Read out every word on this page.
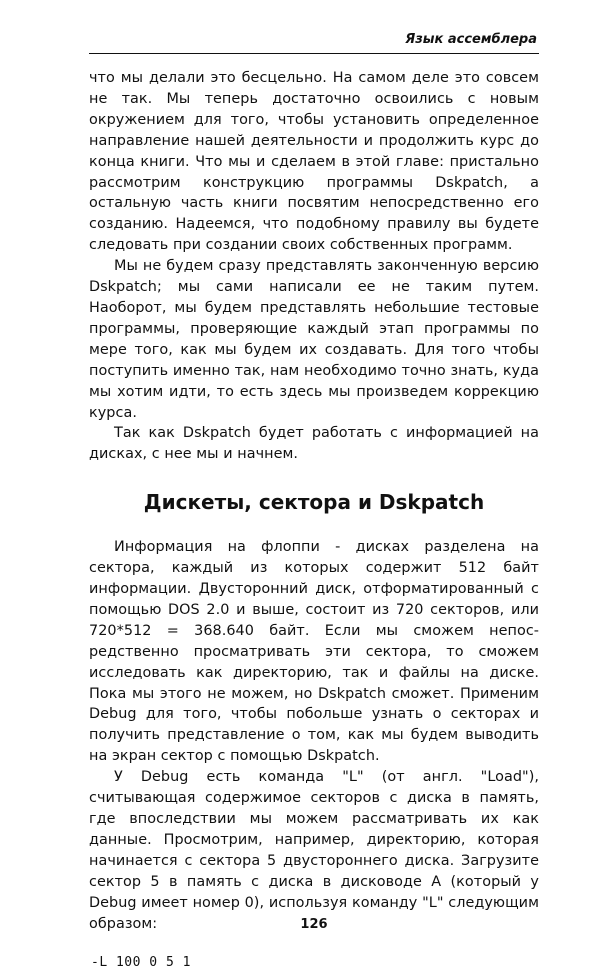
Язык ассемблера

что мы делали это бесцельно. На самом деле это совсем не так. Мы теперь достаточно освоились с новым окружением для того, чтобы установить определенное направление нашей деятельности и продолжить курс до конца книги. Что мы и сделаем в этой главе: пристально рассмотрим конструкцию программы Dskpatch, а остальную часть книги посвятим непосредственно его созданию. Надеемся, что подобному правилу вы будете следовать при создании своих собственных программ.

Мы не будем сразу представлять законченную версию Dskpatch; мы сами написали ее не таким путем. Наоборот, мы будем представлять небольшие тестовые программы, проверяющие каждый этап программы по мере того, как мы будем их создавать. Для того чтобы поступить именно так, нам необходимо точно знать, куда мы хотим идти, то есть здесь мы произведем коррекцию курса.

Так как Dskpatch будет работать с информацией на дисках, с нее мы и начнем.

Дискеты, сектора и Dskpatch

Информация на флоппи - дисках разделена на сектора, каждый из которых содержит 512 байт информации. Двусторонний диск, отформатированный с помощью DOS 2.0 и выше, состоит из 720 секторов, или 720*512 = 368.640 байт. Если мы сможем непосредственно просматривать эти сектора, то сможем исследовать как директорию, так и файлы на диске. Пока мы этого не можем, но Dskpatch сможет. Применим Debug для того, чтобы побольше узнать о секторах и получить представление о том, как мы будем выводить на экран сектор с помощью Dskpatch.

У Debug есть команда "L" (от англ. "Load"), считывающая содержимое секторов с диска в память, где впоследствии мы можем рассматривать их как данные. Просмотрим, например, директорию, которая начинается с сектора 5 двустороннего диска. Загрузите сектор 5 в память с диска в дисководе А (который у Debug имеет номер 0), используя команду "L" следующим образом:

-L 100 0 5 1
126
